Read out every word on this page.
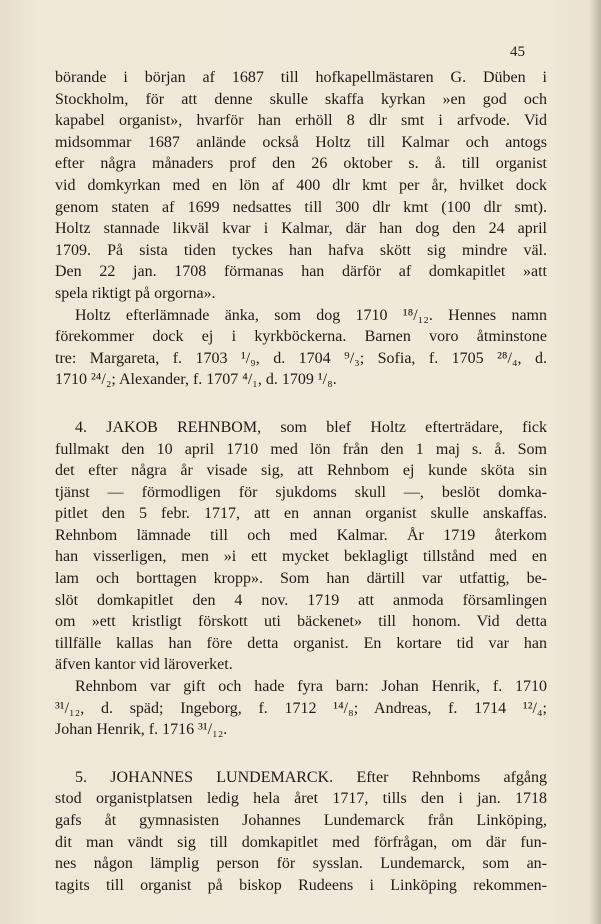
45
börande i början af 1687 till hofkapellmästaren G. Düben i
Stockholm, för att denne skulle skaffa kyrkan »en god och
kapabel organist», hvarför han erhöll 8 dlr smt i arfvode. Vid
midsommar 1687 anlände också Holtz till Kalmar och antogs
efter några månaders prof den 26 oktober s. å. till organist
vid domkyrkan med en lön af 400 dlr kmt per år, hvilket dock
genom staten af 1699 nedsattes till 300 dlr kmt (100 dlr smt).
Holtz stannade likväl kvar i Kalmar, där han dog den 24 april
1709. På sista tiden tyckes han hafva skött sig mindre väl.
Den 22 jan. 1708 förmanas han därför af domkapitlet »att
spela riktigt på orgorna».
Holtz efterlämnade änka, som dog 1710 ¹⁸/₁₂. Hennes namn
förekommer dock ej i kyrkböckerna. Barnen voro åtminstone
tre: Margareta, f. 1703 ¹/₉, d. 1704 ⁹/₃; Sofia, f. 1705 ²⁸/₄, d.
1710 ²⁴/₂; Alexander, f. 1707 ⁴/₁, d. 1709 ¹/₈.
4. JAKOB REHNBOM, som blef Holtz efterträdare, fick
fullmakt den 10 april 1710 med lön från den 1 maj s. å. Som
det efter några år visade sig, att Rehnbom ej kunde sköta sin
tjänst — förmodligen för sjukdoms skull —, beslöt domka-
pitlet den 5 febr. 1717, att en annan organist skulle anskaffas.
Rehnbom lämnade till och med Kalmar. År 1719 återkom
han visserligen, men »i ett mycket beklagligt tillstånd med en
lam och borttagen kropp». Som han därtill var utfattig, be-
slöt domkapitlet den 4 nov. 1719 att anmoda församlingen
om »ett kristligt förskott uti bäckenet» till honom. Vid detta
tillfälle kallas han före detta organist. En kortare tid var han
äfven kantor vid läroverket.
Rehnbom var gift och hade fyra barn: Johan Henrik, f. 1710
³¹/₁₂, d. späd; Ingeborg, f. 1712 ¹⁴/₈; Andreas, f. 1714 ¹²/₄;
Johan Henrik, f. 1716 ³¹/₁₂.
5. JOHANNES LUNDEMARCK. Efter Rehnboms afgång
stod organistplatsen ledig hela året 1717, tills den i jan. 1718
gafs åt gymnasisten Johannes Lundemarck från Linköping,
dit man vändt sig till domkapitlet med förfrågan, om där fun-
nes någon lämplig person för sysslan. Lundemarck, som an-
tagits till organist på biskop Rudeens i Linköping rekommen-
